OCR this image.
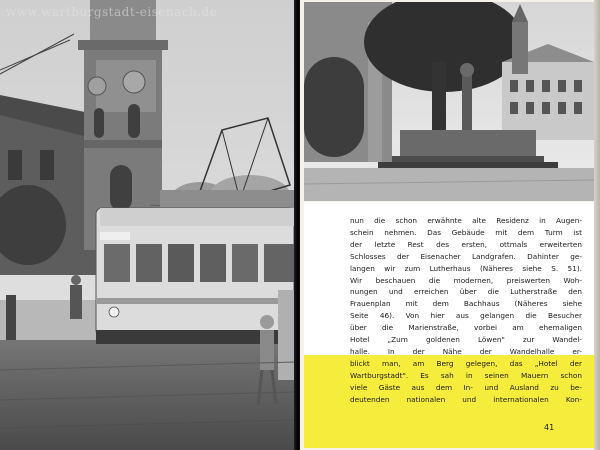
www.wartburgstadt-eisenach.de
nun die schon erwähnte alte Residenz in Augen-
schein nehmen. Das Gebäude mit dem Turm ist
der letzte Rest des ersten, ottmals erweiterten
Schlosses der Eisenacher Landgrafen. Dahinter ge-
langen wir zum Lutherhaus (Näheres siehe S. 51).
Wir beschauen die modernen, preiswerten Woh-
nungen und erreichen über die Lutherstraße den
Frauenplan mit dem Bachhaus (Näheres siehe
Seite 46). Von hier aus gelangen die Besucher
über die Marienstraße, vorbei am ehemaligen
Hotel „Zum goldenen Löwen" zur Wandel-
halle. In der Nähe der Wandelhalle er-
blickt man, am Berg gelegen, das „Hotel der
Wartburgstadt". Es sah in seinen Mauern schon
viele Gäste aus dem In- und Ausland zu be-
deutenden nationalen und internationalen Kon-
41
